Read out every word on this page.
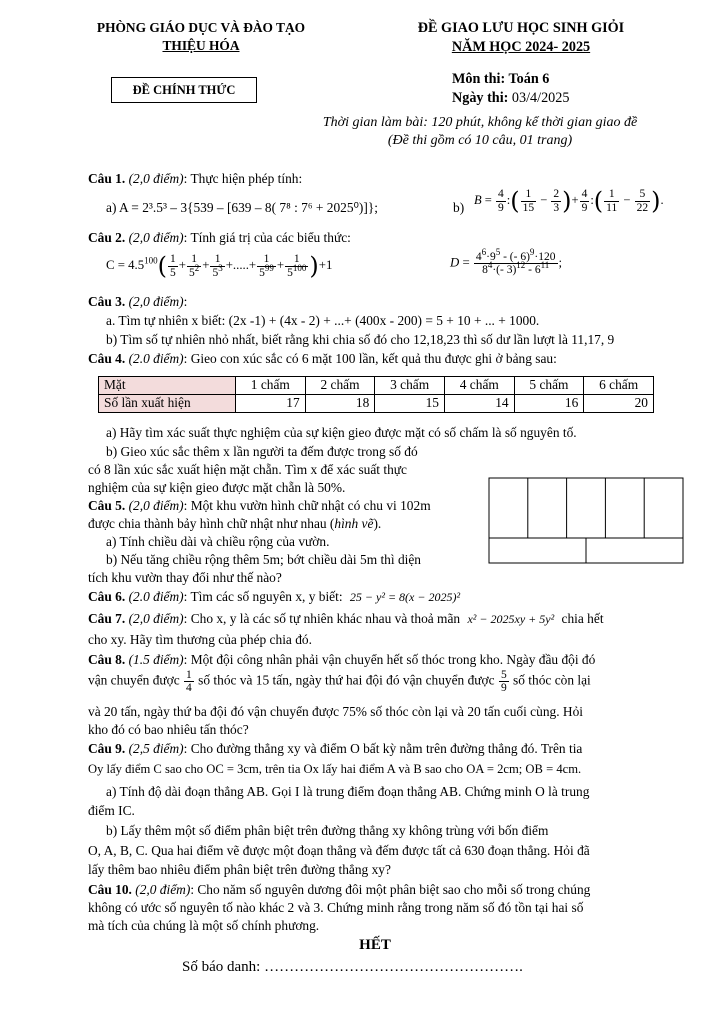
PHÒNG GIÁO DỤC VÀ ĐÀO TẠO
THIỆU HÓA
ĐỀ GIAO LƯU HỌC SINH GIỎI
NĂM HỌC 2024- 2025
ĐỀ CHÍNH THỨC
Môn thi: Toán 6
Ngày thi: 03/4/2025
Thời gian làm bài: 120 phút, không kể thời gian giao đề
(Đề thi gồm có 10 câu, 01 trang)
Câu 1. (2,0 điểm): Thực hiện phép tính:
a) A = 2³.5³ – 3{539 – [639 – 8( 7⁸ : 7⁶ + 2025⁰)]};	b)
$B = \frac{4}{9}$ :( $\frac{1}{15} - \frac{2}{3}$ )+ $\frac{4}{9}$ :( $\frac{1}{11} - \frac{5}{22}$ ).
Câu 2. (2,0 điểm): Tính giá trị của các biểu thức:
$C = 4.5^{100}( \frac{1}{5} + \frac{1}{5^2} + \frac{1}{5^3}$ +.....+ $\frac{1}{5^{99}} + \frac{1}{5^{100}} )+1$	$D = \frac{4^6\cdot 9^5 - (- 6)^9\cdot 120}{8^4\cdot(- 3)^{12} - 6^{11}}$ ;
Câu 3. (2,0 điểm):
a. Tìm tự nhiên x biết: (2x -1) + (4x - 2) + ...+ (400x - 200) = 5 + 10 + ... + 1000.
b) Tìm số tự nhiên nhỏ nhất, biết rằng khi chia số đó cho 12,18,23 thì số dư lần lượt là 11,17, 9
Câu 4. (2.0 điểm): Gieo con xúc sắc có 6 mặt 100 lần, kết quả thu được ghi ở bảng sau:
Mặt	1 chấm	2 chấm	3 chấm	4 chấm	5 chấm	6 chấm
Số lần xuất hiện	17	18	15	14	16	20
a) Hãy tìm xác suất thực nghiệm của sự kiện gieo được mặt có số chấm là số nguyên tố.
b) Gieo xúc sắc thêm x lần người ta đếm được trong số đó
có 8 lần xúc sắc xuất hiện mặt chẵn. Tìm x để xác suất thực
nghiệm của sự kiện gieo được mặt chẵn là 50%.
Câu 5. (2,0 điểm): Một khu vườn hình chữ nhật có chu vi 102m
được chia thành bảy hình chữ nhật như nhau (hình vẽ).
a) Tính chiều dài và chiều rộng của vườn.
b) Nếu tăng chiều rộng thêm 5m; bớt chiều dài 5m thì diện
tích khu vườn thay đổi như thế nào?
Câu 6. (2.0 điểm): Tìm các số nguyên x, y biết: 25 − y² = 8(x − 2025)²
Câu 7. (2,0 điểm): Cho x, y là các số tự nhiên khác nhau và thoả mãn x² − 2025xy + 5y² chia hết
cho xy. Hãy tìm thương của phép chia đó.
Câu 8. (1.5 điểm): Một đội công nhân phải vận chuyển hết số thóc trong kho. Ngày đầu đội đó
vận chuyển được $\frac{1}{4}$ số thóc và 15 tấn, ngày thứ hai đội đó vận chuyển được $\frac{5}{9}$ số thóc còn lại
và 20 tấn, ngày thứ ba đội đó vận chuyển được 75% số thóc còn lại và 20 tấn cuối cùng. Hỏi
kho đó có bao nhiêu tấn thóc?
Câu 9. (2,5 điểm): Cho đường thẳng xy và điểm O bất kỳ nằm trên đường thẳng đó. Trên tia
Oy lấy điểm C sao cho OC = 3cm, trên tia Ox lấy hai điểm A và B sao cho OA = 2cm; OB = 4cm.
a) Tính độ dài đoạn thẳng AB. Gọi I là trung điểm đoạn thẳng AB. Chứng minh O là trung
điểm IC.
b) Lấy thêm một số điểm phân biệt trên đường thẳng xy không trùng với bốn điểm
O, A, B, C. Qua hai điểm vẽ được một đoạn thẳng và đếm được tất cả 630 đoạn thẳng. Hỏi đã
lấy thêm bao nhiêu điểm phân biệt trên đường thẳng xy?
Câu 10. (2,0 điểm): Cho năm số nguyên dương đôi một phân biệt sao cho mỗi số trong chúng
không có ước số nguyên tố nào khác 2 và 3. Chứng minh rằng trong năm số đó tồn tại hai số
mà tích của chúng là một số chính phương.
HẾT
Số báo danh: …………………………………………….
